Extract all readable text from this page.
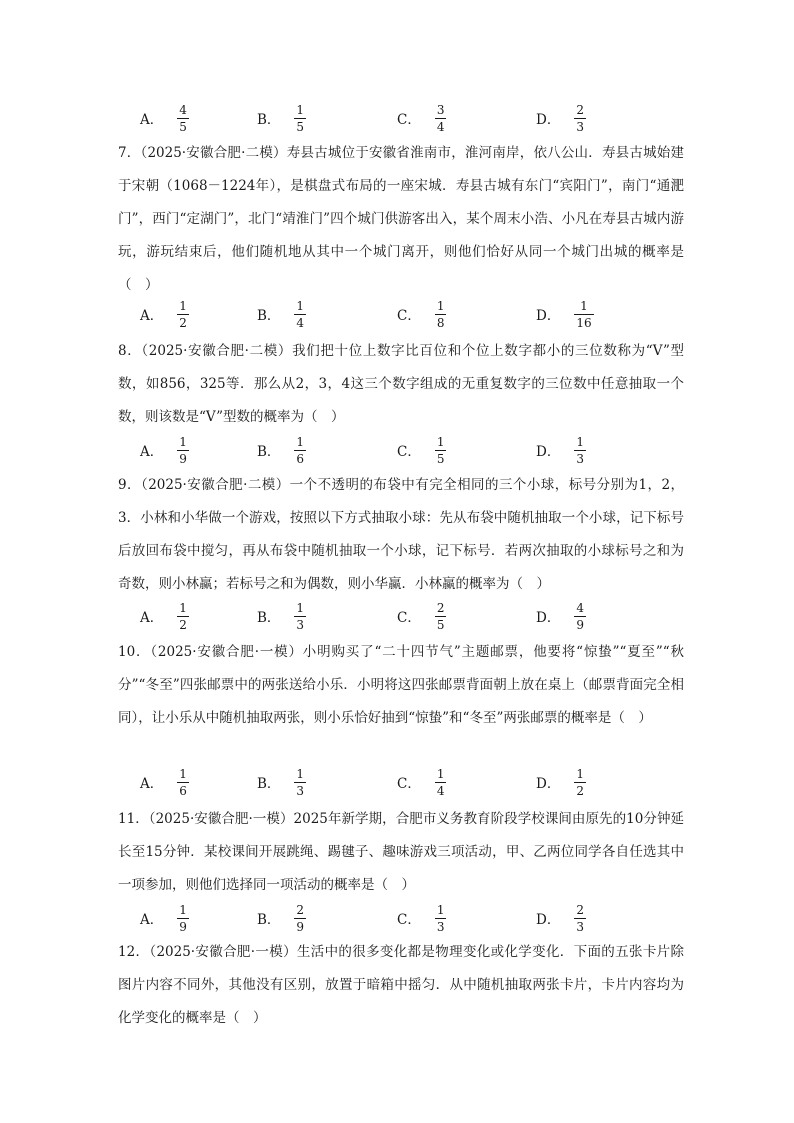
A． $\frac{4}{5}$	B． $\frac{1}{5}$	C． $\frac{3}{4}$	D． $\frac{2}{3}$
7．（2025·安徽合肥·二模）寿县古城位于安徽省淮南市，淮河南岸，依八公山．寿县古城始建于宋朝（1068－1224年），是棋盘式布局的一座宋城．寿县古城有东门“宾阳门”，南门“通淝门”，西门“定湖门”，北门“靖淮门”四个城门供游客出入，某个周末小浩、小凡在寿县古城内游玩，游玩结束后，他们随机地从其中一个城门离开，则他们恰好从同一个城门出城的概率是（　）
A． $\frac{1}{2}$	B． $\frac{1}{4}$	C． $\frac{1}{8}$	D． $\frac{1}{16}$
8．（2025·安徽合肥·二模）我们把十位上数字比百位和个位上数字都小的三位数称为“V”型数，如856，325等．那么从2，3，4这三个数字组成的无重复数字的三位数中任意抽取一个数，则该数是“V”型数的概率为（　）
A． $\frac{1}{9}$	B． $\frac{1}{6}$	C． $\frac{1}{5}$	D． $\frac{1}{3}$
9．（2025·安徽合肥·二模）一个不透明的布袋中有完全相同的三个小球，标号分别为1，2，3．小林和小华做一个游戏，按照以下方式抽取小球：先从布袋中随机抽取一个小球，记下标号后放回布袋中搅匀，再从布袋中随机抽取一个小球，记下标号．若两次抽取的小球标号之和为奇数，则小林赢；若标号之和为偶数，则小华赢．小林赢的概率为（　）
A． $\frac{1}{2}$	B． $\frac{1}{3}$	C． $\frac{2}{5}$	D． $\frac{4}{9}$
10．（2025·安徽合肥·一模）小明购买了“二十四节气”主题邮票，他要将“惊蛰”“夏至”“秋分”“冬至”四张邮票中的两张送给小乐．小明将这四张邮票背面朝上放在桌上（邮票背面完全相同），让小乐从中随机抽取两张，则小乐恰好抽到“惊蛰”和“冬至”两张邮票的概率是（　）
A． $\frac{1}{6}$	B． $\frac{1}{3}$	C． $\frac{1}{4}$	D． $\frac{1}{2}$
11．（2025·安徽合肥·一模）2025年新学期，合肥市义务教育阶段学校课间由原先的10分钟延长至15分钟．某校课间开展跳绳、踢毽子、趣味游戏三项活动，甲、乙两位同学各自任选其中一项参加，则他们选择同一项活动的概率是（　）
A． $\frac{1}{9}$	B． $\frac{2}{9}$	C． $\frac{1}{3}$	D． $\frac{2}{3}$
12．（2025·安徽合肥·一模）生活中的很多变化都是物理变化或化学变化．下面的五张卡片除图片内容不同外，其他没有区别，放置于暗箱中摇匀．从中随机抽取两张卡片，卡片内容均为化学变化的概率是（　）
